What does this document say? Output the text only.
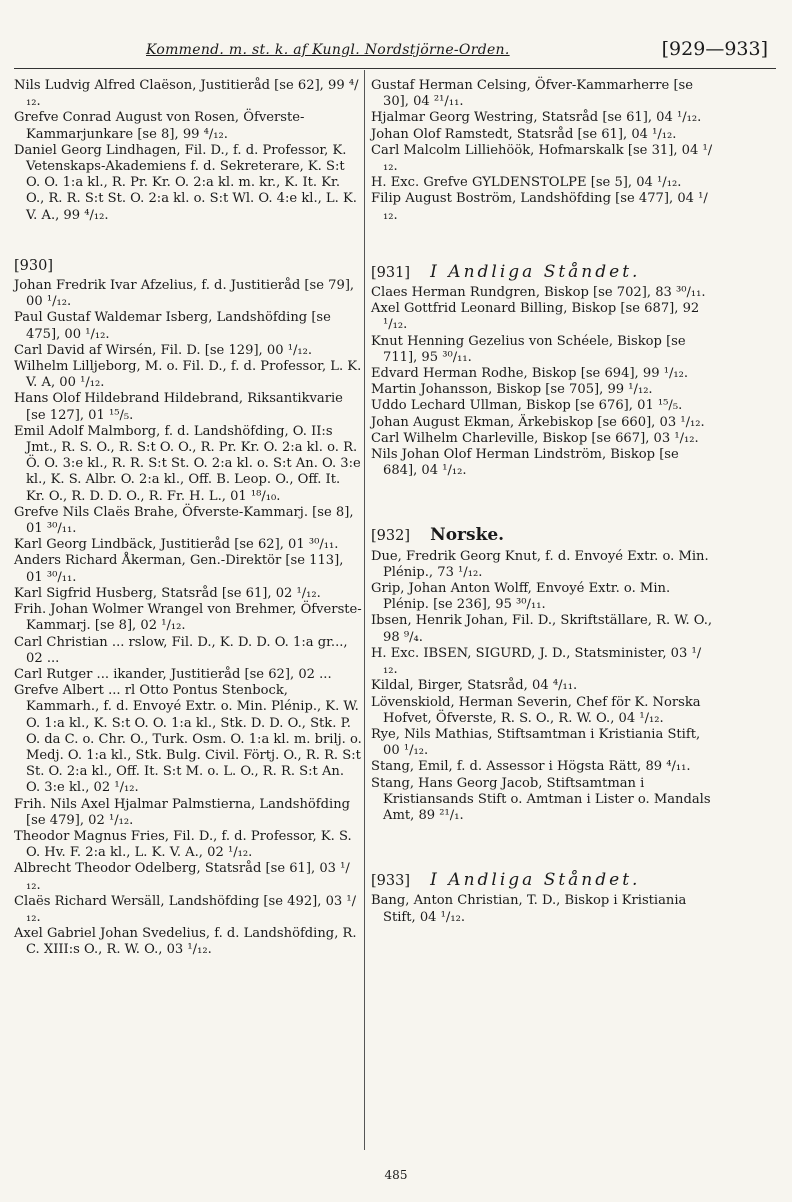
Kommend. m. st. k. af Kungl. Nordstjörne-Orden.	[929—933]

Nils Ludvig Alfred Claëson, Justitieråd [se 62], 99 ⁴/₁₂.

Grefve Conrad August von Rosen, Öfverste-Kammarjunkare [se 8], 99 ⁴/₁₂.

Daniel Georg Lindhagen, Fil. D., f. d. Professor, K. Vetenskaps-Akademiens f. d. Sekreterare, K. S:t O. O. 1:a kl., R. Pr. Kr. O. 2:a kl. m. kr., K. It. Kr. O., R. R. S:t St. O. 2:a kl. o. S:t Wl. O. 4:e kl., L. K. V. A., 99 ⁴/₁₂.

[930]

Johan Fredrik Ivar Afzelius, f. d. Justitieråd [se 79], 00 ¹/₁₂.

Paul Gustaf Waldemar Isberg, Landshöfding [se 475], 00 ¹/₁₂.

Carl David af Wirsén, Fil. D. [se 129], 00 ¹/₁₂.

Wilhelm Lilljeborg, M. o. Fil. D., f. d. Professor, L. K. V. A, 00 ¹/₁₂.

Hans Olof Hildebrand Hildebrand, Riksantikvarie [se 127], 01 ¹⁵/₅.

Emil Adolf Malmborg, f. d. Landshöfding, O. II:s Jmt., R. S. O., R. S:t O. O., R. Pr. Kr. O. 2:a kl. o. R. Ö. O. 3:e kl., R. R. S:t St. O. 2:a kl. o. S:t An. O. 3:e kl., K. S. Albr. O. 2:a kl., Off. B. Leop. O., Off. It. Kr. O., R. D. D. O., R. Fr. H. L., 01 ¹⁸/₁₀.

Grefve Nils Claës Brahe, Öfverste-Kammarj. [se 8], 01 ³⁰/₁₁.

Karl Georg Lindbäck, Justitieråd [se 62], 01 ³⁰/₁₁.

Anders Richard Åkerman, Gen.-Direktör [se 113], 01 ³⁰/₁₁.

Karl Sigfrid Husberg, Statsråd [se 61], 02 ¹/₁₂.

Frih. Johan Wolmer Wrangel von Brehmer, Öfverste-Kammarj. [se 8], 02 ¹/₁₂.

Carl Christian ... rslow, Fil. D., K. D. D. O. 1:a gr..., 02 ...

Carl Rutger ... ikander, Justitieråd [se 62], 02 ...

Grefve Albert ... rl Otto Pontus Stenbock, Kammarh., f. d. Envoyé Extr. o. Min. Plénip., K. W. O. 1:a kl., K. S:t O. O. 1:a kl., Stk. D. D. O., Stk. P. O. da C. o. Chr. O., Turk. Osm. O. 1:a kl. m. brilj. o. Medj. O. 1:a kl., Stk. Bulg. Civil. Förtj. O., R. R. S:t St. O. 2:a kl., Off. It. S:t M. o. L. O., R. R. S:t An. O. 3:e kl., 02 ¹/₁₂.

Frih. Nils Axel Hjalmar Palmstierna, Landshöfding [se 479], 02 ¹/₁₂.

Theodor Magnus Fries, Fil. D., f. d. Professor, K. S. O. Hv. F. 2:a kl., L. K. V. A., 02 ¹/₁₂.

Albrecht Theodor Odelberg, Statsråd [se 61], 03 ¹/₁₂.

Claës Richard Wersäll, Landshöfding [se 492], 03 ¹/₁₂.

Axel Gabriel Johan Svedelius, f. d. Landshöfding, R. C. XIII:s O., R. W. O., 03 ¹/₁₂.

Gustaf Herman Celsing, Öfver-Kammarherre [se 30], 04 ²¹/₁₁.

Hjalmar Georg Westring, Statsråd [se 61], 04 ¹/₁₂.

Johan Olof Ramstedt, Statsråd [se 61], 04 ¹/₁₂.

Carl Malcolm Lilliehöök, Hofmarskalk [se 31], 04 ¹/₁₂.

H. Exc. Grefve GYLDENSTOLPE [se 5], 04 ¹/₁₂.

Filip August Boström, Landshöfding [se 477], 04 ¹/₁₂.

[931] I Andliga Ståndet.

Claes Herman Rundgren, Biskop [se 702], 83 ³⁰/₁₁.

Axel Gottfrid Leonard Billing, Biskop [se 687], 92 ¹/₁₂.

Knut Henning Gezelius von Schéele, Biskop [se 711], 95 ³⁰/₁₁.

Edvard Herman Rodhe, Biskop [se 694], 99 ¹/₁₂.

Martin Johansson, Biskop [se 705], 99 ¹/₁₂.

Uddo Lechard Ullman, Biskop [se 676], 01 ¹⁵/₅.

Johan August Ekman, Ärkebiskop [se 660], 03 ¹/₁₂.

Carl Wilhelm Charleville, Biskop [se 667], 03 ¹/₁₂.

Nils Johan Olof Herman Lindström, Biskop [se 684], 04 ¹/₁₂.

[932] Norske.

Due, Fredrik Georg Knut, f. d. Envoyé Extr. o. Min. Plénip., 73 ¹/₁₂.

Grip, Johan Anton Wolff, Envoyé Extr. o. Min. Plénip. [se 236], 95 ³⁰/₁₁.

Ibsen, Henrik Johan, Fil. D., Skriftställare, R. W. O., 98 ⁹/₄.

H. Exc. IBSEN, SIGURD, J. D., Statsminister, 03 ¹/₁₂.

Kildal, Birger, Statsråd, 04 ⁴/₁₁.

Lövenskiold, Herman Severin, Chef för K. Norska Hofvet, Öfverste, R. S. O., R. W. O., 04 ¹/₁₂.

Rye, Nils Mathias, Stiftsamtman i Kristiania Stift, 00 ¹/₁₂.

Stang, Emil, f. d. Assessor i Högsta Rätt, 89 ⁴/₁₁.

Stang, Hans Georg Jacob, Stiftsamtman i Kristiansands Stift o. Amtman i Lister o. Mandals Amt, 89 ²¹/₁.

[933] I Andliga Ståndet.

Bang, Anton Christian, T. D., Biskop i Kristiania Stift, 04 ¹/₁₂.

485
